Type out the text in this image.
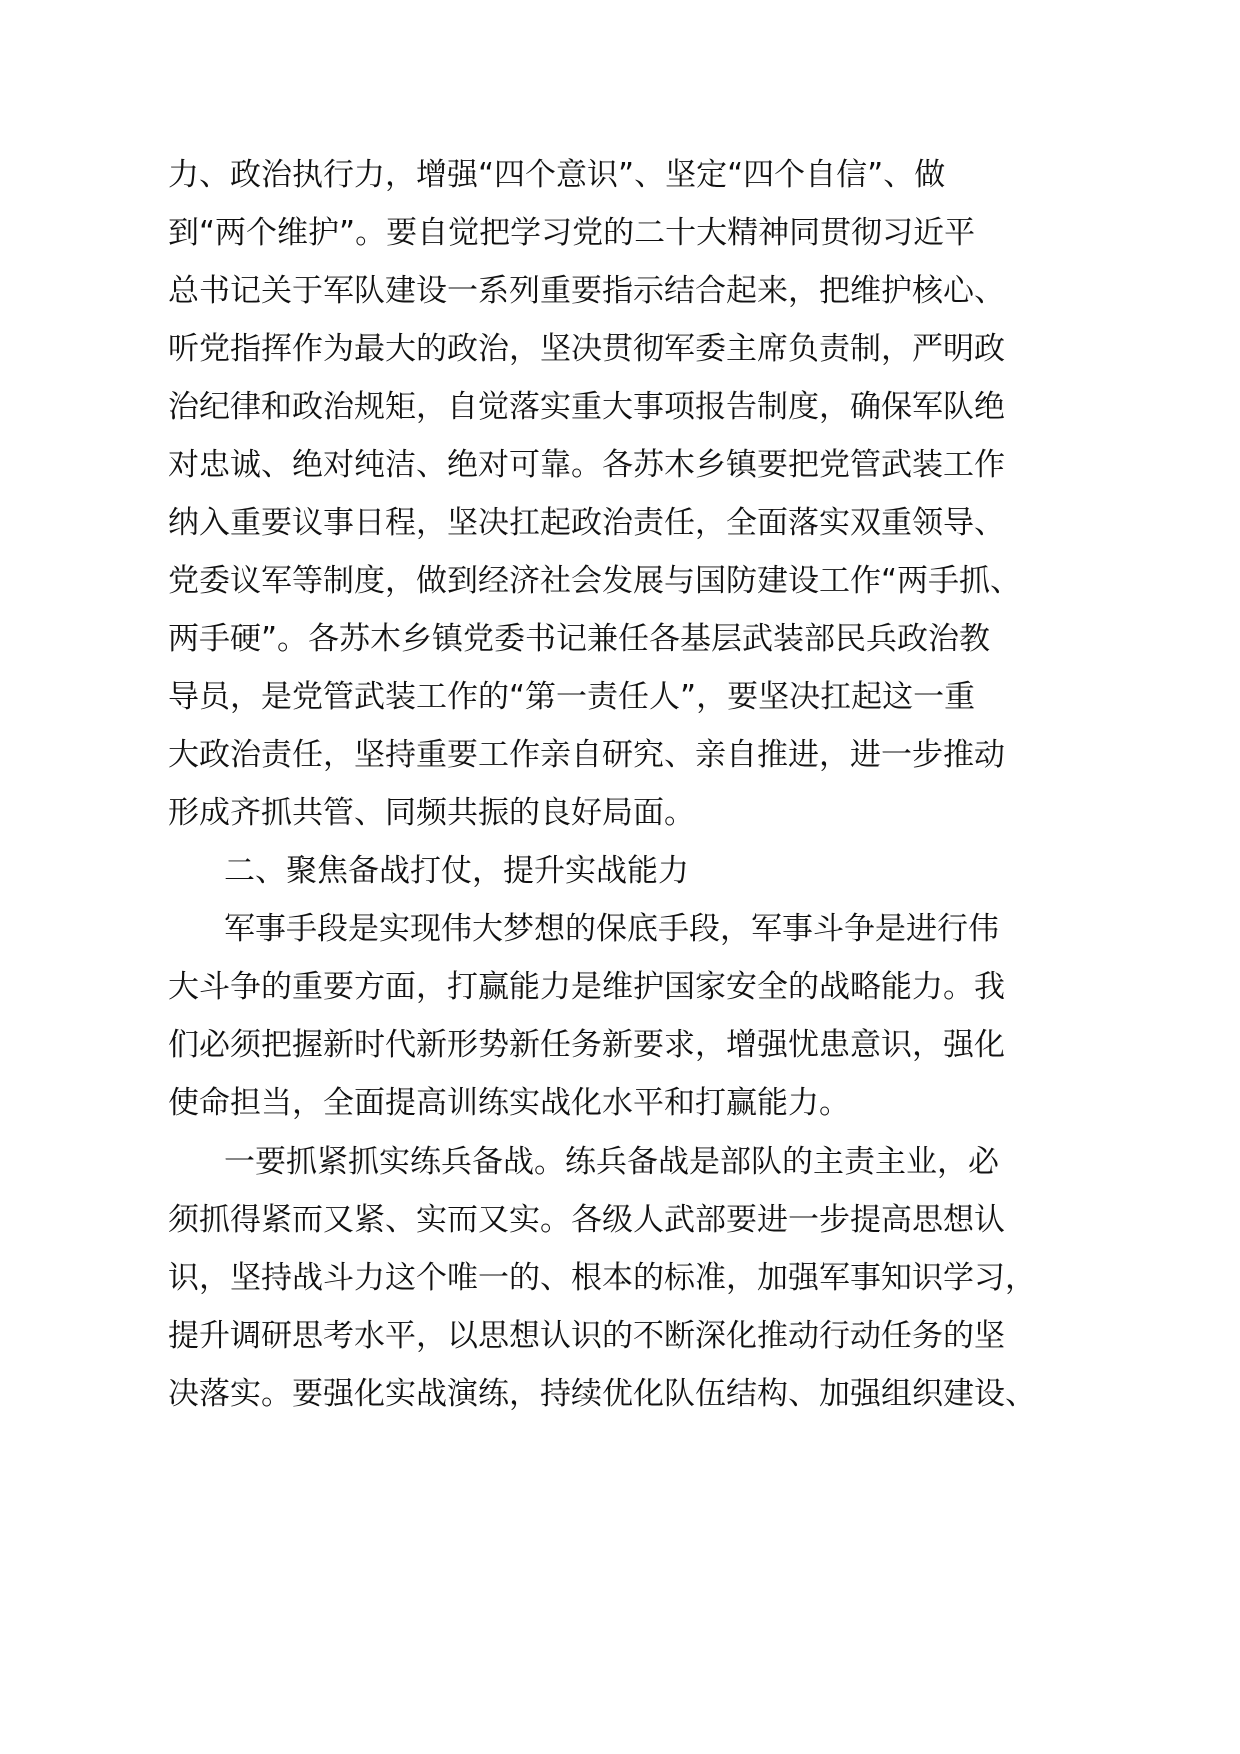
力、政治执行力，增强“四个意识”、坚定“四个自信”、做

到“两个维护”。要自觉把学习党的二十大精神同贯彻习近平

总书记关于军队建设一系列重要指示结合起来，把维护核心、

听党指挥作为最大的政治，坚决贯彻军委主席负责制，严明政

治纪律和政治规矩，自觉落实重大事项报告制度，确保军队绝

对忠诚、绝对纯洁、绝对可靠。各苏木乡镇要把党管武装工作

纳入重要议事日程，坚决扛起政治责任，全面落实双重领导、

党委议军等制度，做到经济社会发展与国防建设工作“两手抓、

两手硬”。各苏木乡镇党委书记兼任各基层武装部民兵政治教

导员，是党管武装工作的“第一责任人”，要坚决扛起这一重

大政治责任，坚持重要工作亲自研究、亲自推进，进一步推动

形成齐抓共管、同频共振的良好局面。

二、聚焦备战打仗，提升实战能力

军事手段是实现伟大梦想的保底手段，军事斗争是进行伟

大斗争的重要方面，打赢能力是维护国家安全的战略能力。我

们必须把握新时代新形势新任务新要求，增强忧患意识，强化

使命担当，全面提高训练实战化水平和打赢能力。

一要抓紧抓实练兵备战。练兵备战是部队的主责主业，必

须抓得紧而又紧、实而又实。各级人武部要进一步提高思想认

识，坚持战斗力这个唯一的、根本的标准，加强军事知识学习，

提升调研思考水平，以思想认识的不断深化推动行动任务的坚

决落实。要强化实战演练，持续优化队伍结构、加强组织建设、
